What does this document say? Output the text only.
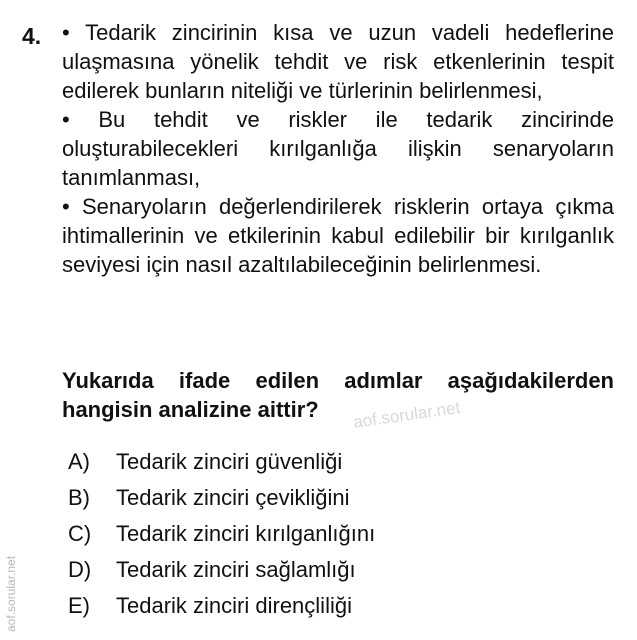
4. • Tedarik zincirinin kısa ve uzun vadeli hedeflerine ulaşmasına yönelik tehdit ve risk etkenlerinin tespit edilerek bunların niteliği ve türlerinin belirlenmesi,

• Bu tehdit ve riskler ile tedarik zincirinde oluşturabilecekleri kırılganlığa ilişkin senaryoların tanımlanması,

• Senaryoların değerlendirilerek risklerin ortaya çıkma ihtimallerinin ve etkilerinin kabul edilebilir bir kırılganlık seviyesi için nasıl azaltılabileceğinin belirlenmesi.

Yukarıda ifade edilen adımlar aşağıdakilerden hangisin analizine aittir?
A) Tedarik zinciri güvenliği
B) Tedarik zinciri çevikliğini
C) Tedarik zinciri kırılganlığını
D) Tedarik zinciri sağlamlığı
E) Tedarik zinciri dirençliliği
aof.sorular.net
aof.sorular.net
